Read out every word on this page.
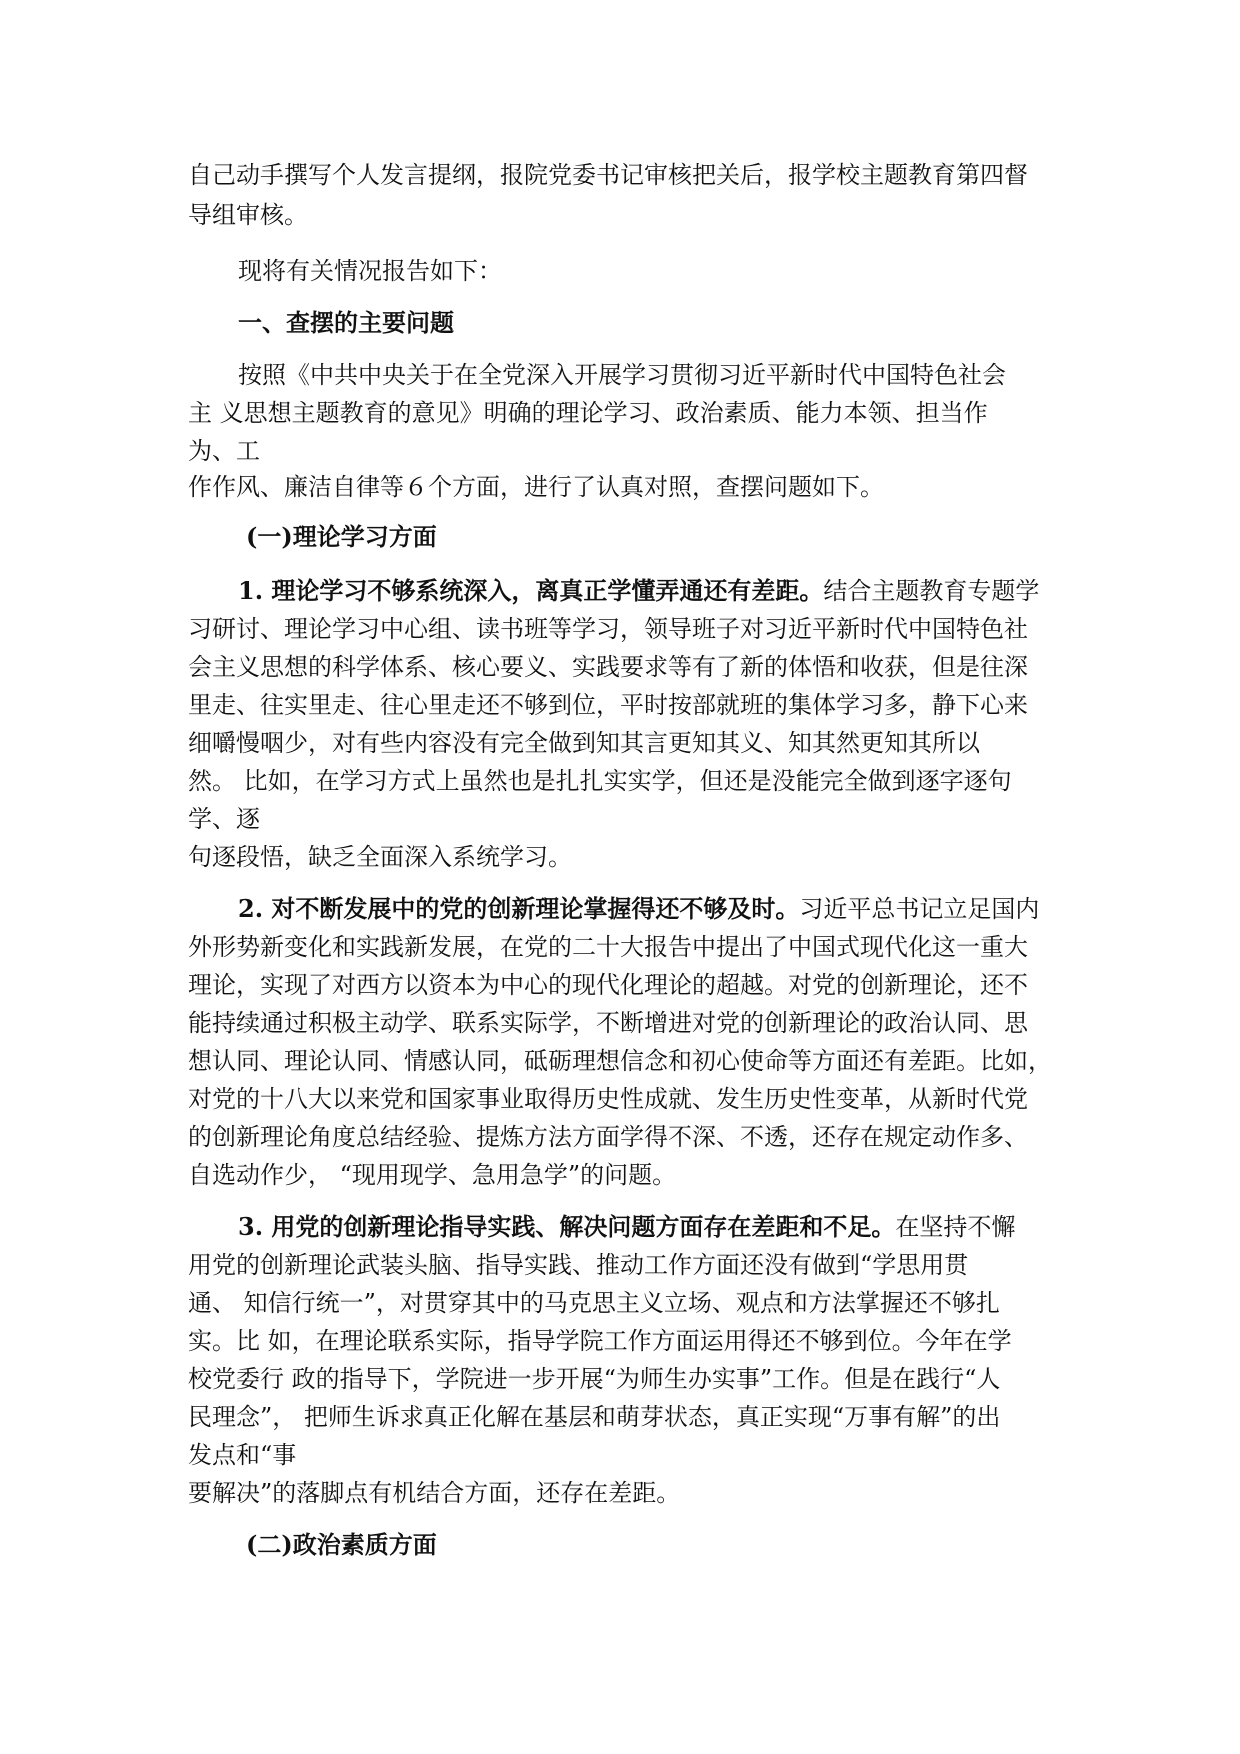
自己动手撰写个人发言提纲，报院党委书记审核把关后，报学校主题教育第四督
导组审核。
现将有关情况报告如下：
一、查摆的主要问题
按照《中共中央关于在全党深入开展学习贯彻习近平新时代中国特色社会
主 义思想主题教育的意见》明确的理论学习、政治素质、能力本领、担当作
为、工
作作风、廉洁自律等６个方面，进行了认真对照，查摆问题如下。
(一)理论学习方面
1. 理论学习不够系统深入，离真正学懂弄通还有差距。结合主题教育专题学
习研讨、理论学习中心组、读书班等学习，领导班子对习近平新时代中国特色社
会主义思想的科学体系、核心要义、实践要求等有了新的体悟和收获，但是往深
里走、往实里走、往心里走还不够到位，平时按部就班的集体学习多，静下心来
细嚼慢咽少，对有些内容没有完全做到知其言更知其义、知其然更知其所以
然。 比如，在学习方式上虽然也是扎扎实实学，但还是没能完全做到逐字逐句
学、逐
句逐段悟，缺乏全面深入系统学习。
2. 对不断发展中的党的创新理论掌握得还不够及时。习近平总书记立足国内
外形势新变化和实践新发展，在党的二十大报告中提出了中国式现代化这一重大
理论，实现了对西方以资本为中心的现代化理论的超越。对党的创新理论，还不
能持续通过积极主动学、联系实际学，不断增进对党的创新理论的政治认同、思
想认同、理论认同、情感认同，砥砺理想信念和初心使命等方面还有差距。比如，
对党的十八大以来党和国家事业取得历史性成就、发生历史性变革，从新时代党
的创新理论角度总结经验、提炼方法方面学得不深、不透，还存在规定动作多、
自选动作少， “现用现学、急用急学”的问题。
3. 用党的创新理论指导实践、解决问题方面存在差距和不足。在坚持不懈
用党的创新理论武装头脑、指导实践、推动工作方面还没有做到“学思用贯
通、 知信行统一”，对贯穿其中的马克思主义立场、观点和方法掌握还不够扎
实。比 如，在理论联系实际，指导学院工作方面运用得还不够到位。今年在学
校党委行 政的指导下，学院进一步开展“为师生办实事”工作。但是在践行“人
民理念”， 把师生诉求真正化解在基层和萌芽状态，真正实现“万事有解”的出
发点和“事
要解决”的落脚点有机结合方面，还存在差距。
(二)政治素质方面
